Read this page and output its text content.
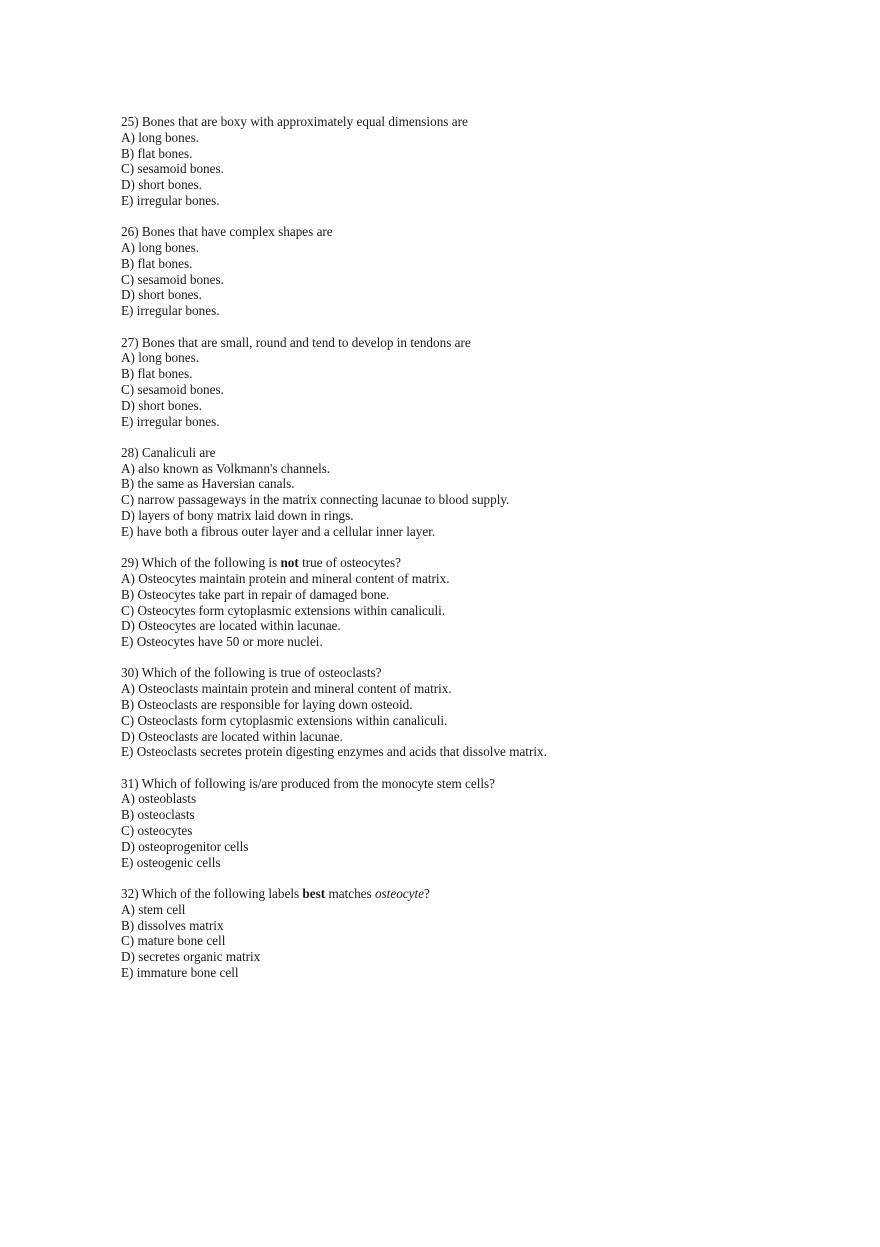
25) Bones that are boxy with approximately equal dimensions are
A) long bones.
B) flat bones.
C) sesamoid bones.
D) short bones.
E) irregular bones.
26) Bones that have complex shapes are
A) long bones.
B) flat bones.
C) sesamoid bones.
D) short bones.
E) irregular bones.
27) Bones that are small, round and tend to develop in tendons are
A) long bones.
B) flat bones.
C) sesamoid bones.
D) short bones.
E) irregular bones.
28) Canaliculi are
A) also known as Volkmann's channels.
B) the same as Haversian canals.
C) narrow passageways in the matrix connecting lacunae to blood supply.
D) layers of bony matrix laid down in rings.
E) have both a fibrous outer layer and a cellular inner layer.
29) Which of the following is not true of osteocytes?
A) Osteocytes maintain protein and mineral content of matrix.
B) Osteocytes take part in repair of damaged bone.
C) Osteocytes form cytoplasmic extensions within canaliculi.
D) Osteocytes are located within lacunae.
E) Osteocytes have 50 or more nuclei.
30) Which of the following is true of osteoclasts?
A) Osteoclasts maintain protein and mineral content of matrix.
B) Osteoclasts are responsible for laying down osteoid.
C) Osteoclasts form cytoplasmic extensions within canaliculi.
D) Osteoclasts are located within lacunae.
E) Osteoclasts secretes protein digesting enzymes and acids that dissolve matrix.
31) Which of following is/are produced from the monocyte stem cells?
A) osteoblasts
B) osteoclasts
C) osteocytes
D) osteoprogenitor cells
E) osteogenic cells
32) Which of the following labels best matches osteocyte?
A) stem cell
B) dissolves matrix
C) mature bone cell
D) secretes organic matrix
E) immature bone cell
